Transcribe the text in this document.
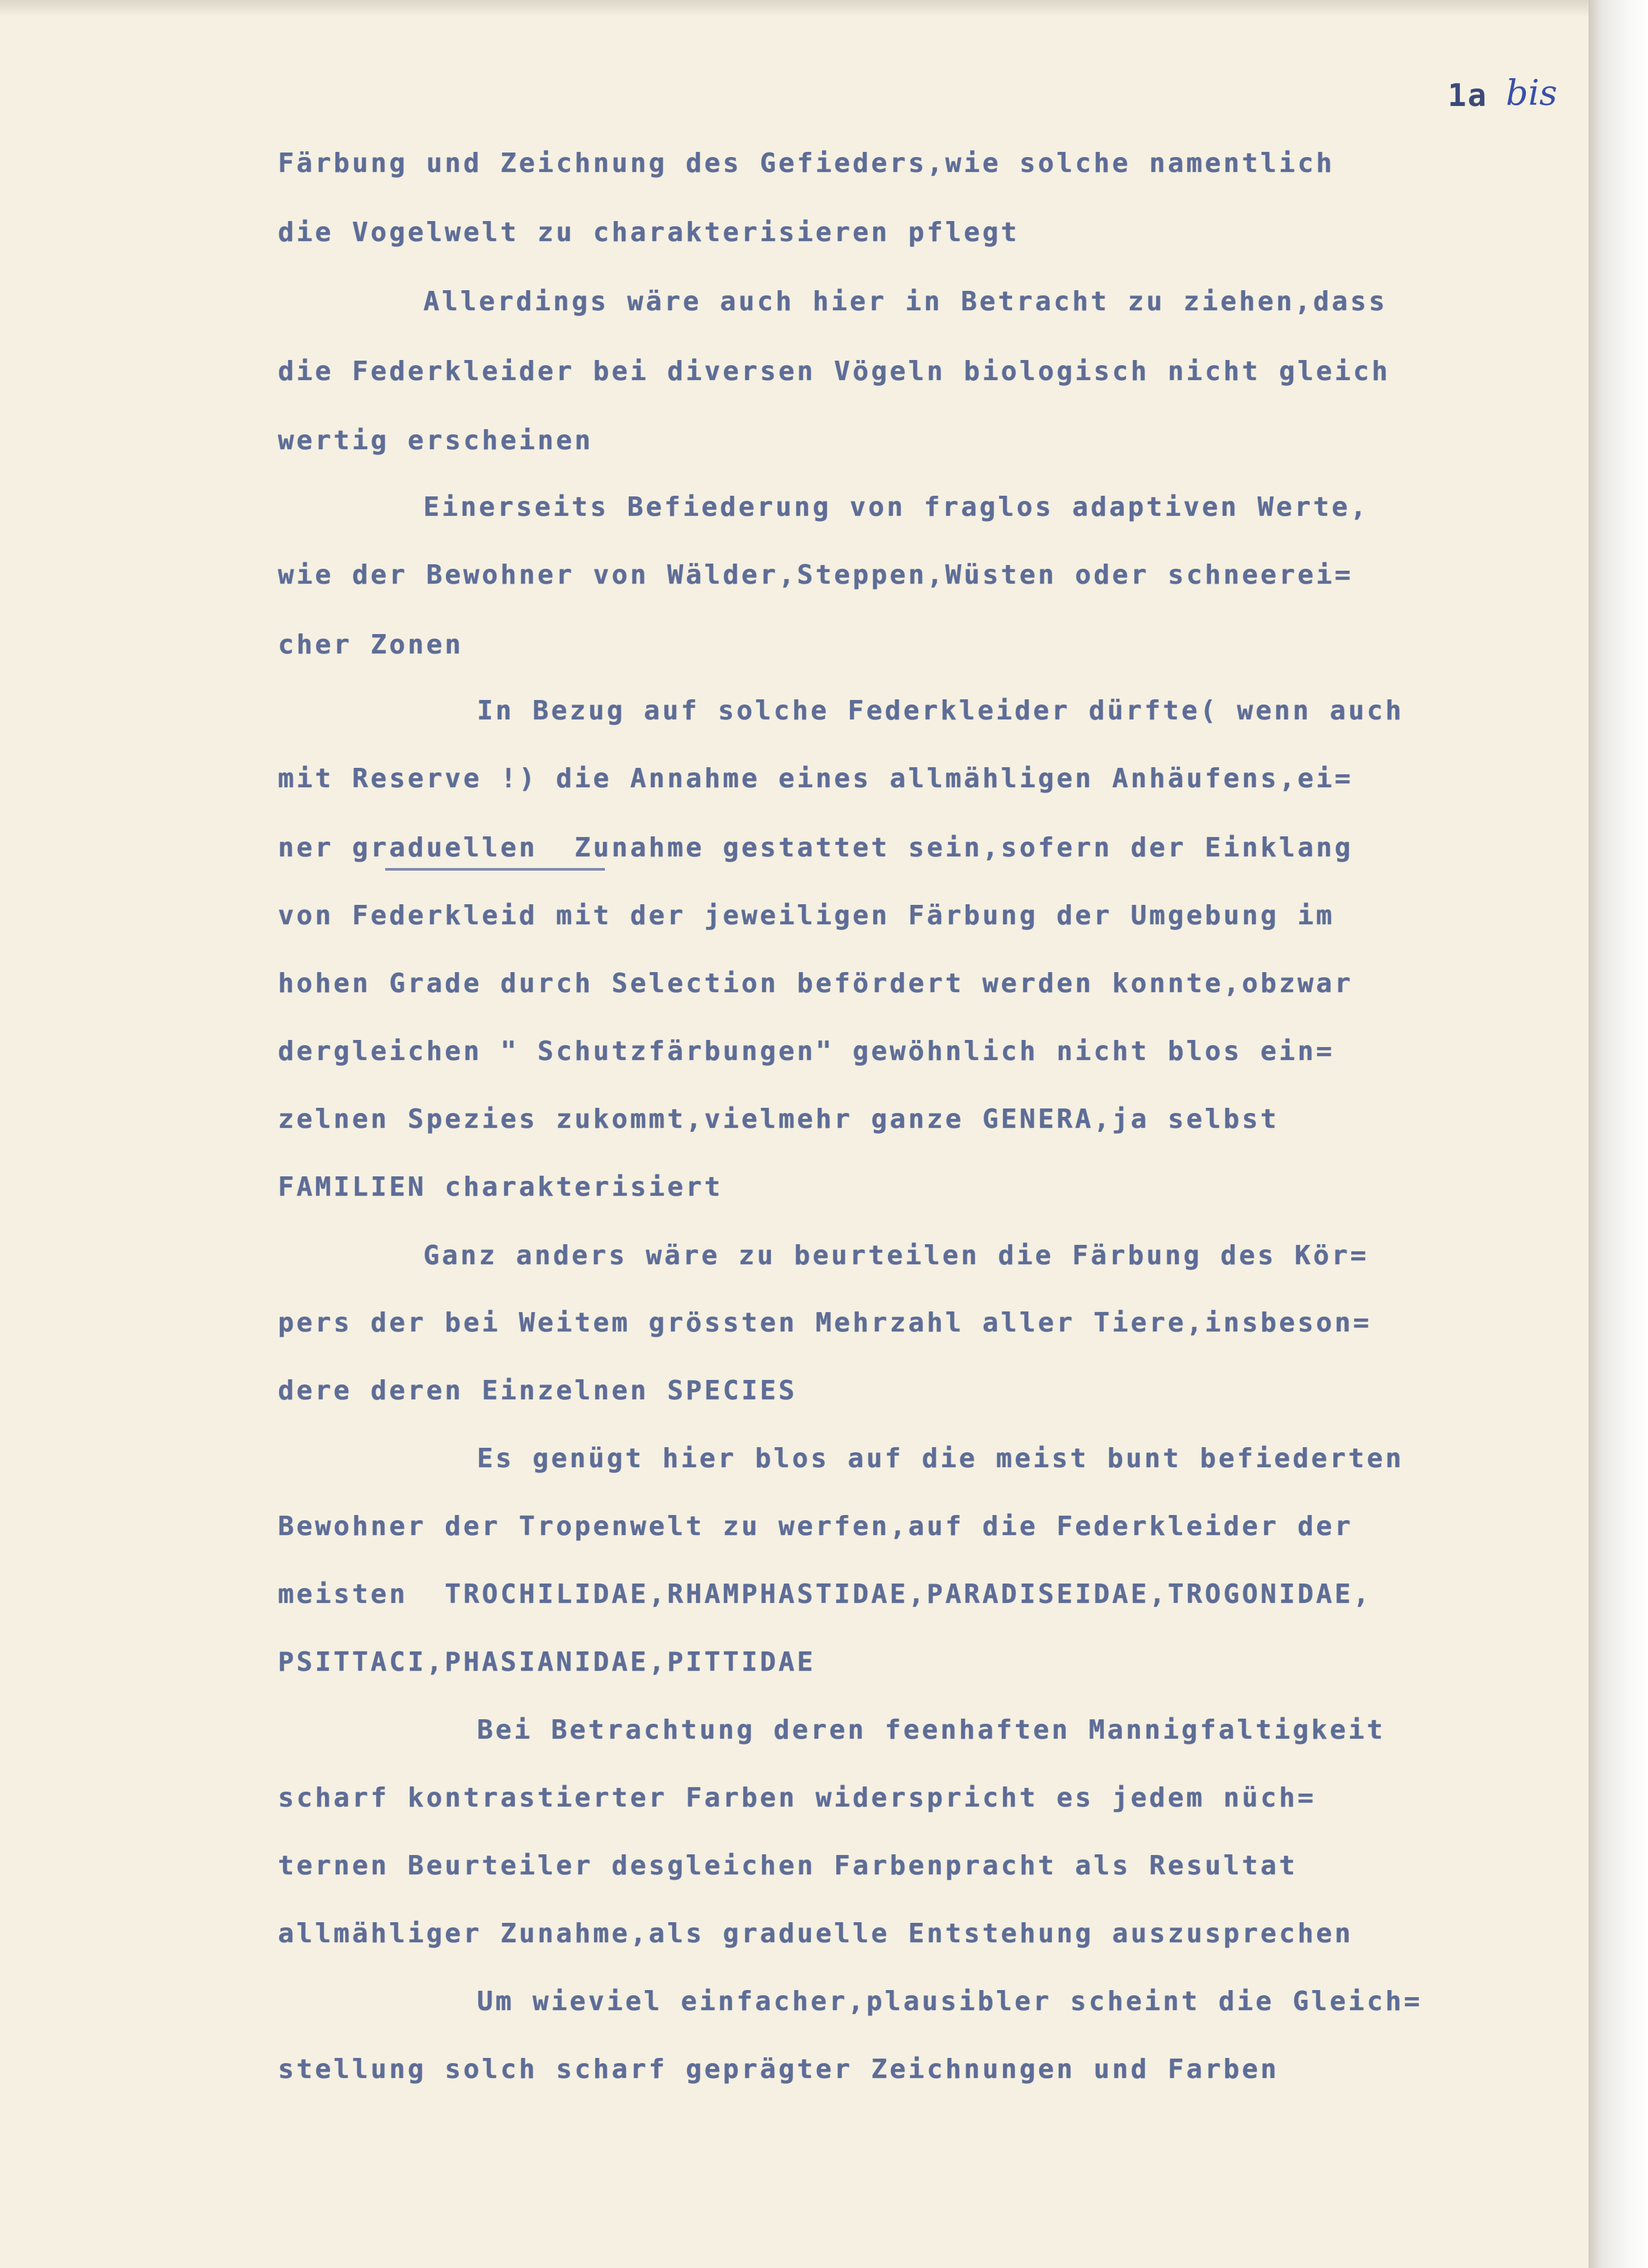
1a bis
Färbung und Zeichnung des Gefieders,wie solche namentlich
die Vogelwelt zu charakterisieren pflegt
Allerdings wäre auch hier in Betracht zu ziehen,dass
die Federkleider bei diversen Vögeln biologisch nicht gleich
wertig erscheinen
Einerseits Befiederung von fraglos adaptiven Werte,
wie der Bewohner von Wälder,Steppen,Wüsten oder schneerei=
cher Zonen
In Bezug auf solche Federkleider dürfte( wenn auch
mit Reserve !) die Annahme eines allmähligen Anhäufens,ei=
ner graduellen  Zunahme gestattet sein,sofern der Einklang
von Federkleid mit der jeweiligen Färbung der Umgebung im
hohen Grade durch Selection befördert werden konnte,obzwar
dergleichen " Schutzfärbungen" gewöhnlich nicht blos ein=
zelnen Spezies zukommt,vielmehr ganze GENERA,ja selbst
FAMILIEN charakterisiert
Ganz anders wäre zu beurteilen die Färbung des Kör=
pers der bei Weitem grössten Mehrzahl aller Tiere,insbeson=
dere deren Einzelnen SPECIES
Es genügt hier blos auf die meist bunt befiederten
Bewohner der Tropenwelt zu werfen,auf die Federkleider der
meisten  TROCHILIDAE,RHAMPHASTIDAE,PARADISEIDAE,TROGONIDAE,
PSITTACI,PHASIANIDAE,PITTIDAE
Bei Betrachtung deren feenhaften Mannigfaltigkeit
scharf kontrastierter Farben widerspricht es jedem nüch=
ternen Beurteiler desgleichen Farbenpracht als Resultat
allmähliger Zunahme,als graduelle Entstehung auszusprechen
Um wieviel einfacher,plausibler scheint die Gleich=
stellung solch scharf geprägter Zeichnungen und Farben
